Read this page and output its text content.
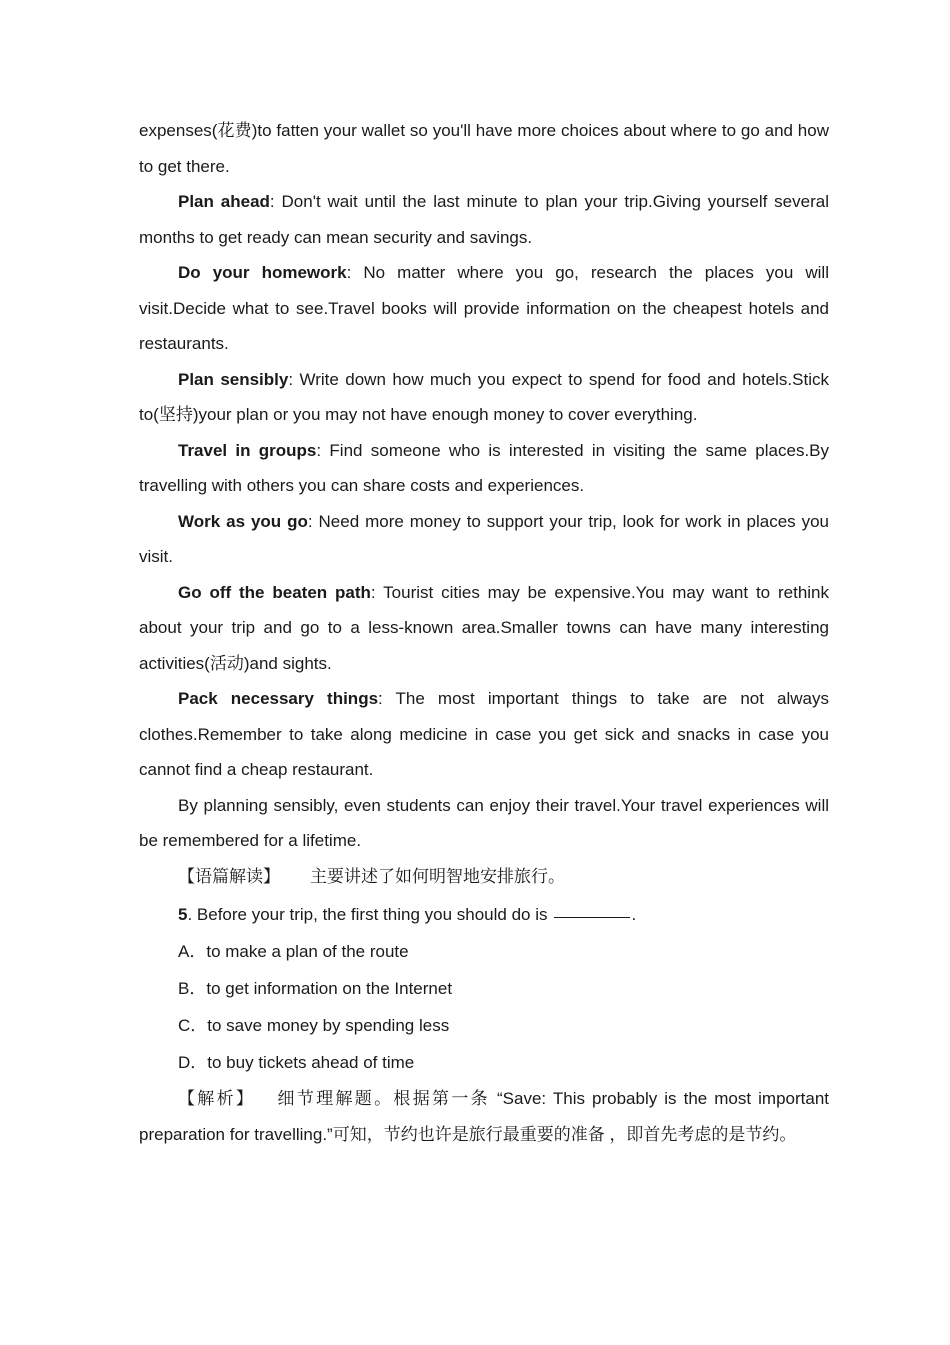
expenses(花费)to fatten your wallet so you'll have more choices about where to go and how to get there.

Plan ahead: Don't wait until the last minute to plan your trip.Giving yourself several months to get ready can mean security and savings.

Do your homework: No matter where you go, research the places you will visit.Decide what to see.Travel books will provide information on the cheapest hotels and restaurants.

Plan sensibly: Write down how much you expect to spend for food and hotels.Stick to(坚持)your plan or you may not have enough money to cover everything.

Travel in groups: Find someone who is interested in visiting the same places.By travelling with others you can share costs and experiences.

Work as you go: Need more money to support your trip, look for work in places you visit.

Go off the beaten path: Tourist cities may be expensive.You may want to rethink about your trip and go to a less-known area.Smaller towns can have many interesting activities(活动)and sights.

Pack necessary things: The most important things to take are not always clothes.Remember to take along medicine in case you get sick and snacks in case you cannot find a cheap restaurant.

By planning sensibly, even students can enjoy their travel.Your travel experiences will be remembered for a lifetime.

【语篇解读】 主要讲述了如何明智地安排旅行。

5. Before your trip, the first thing you should do is	.

A．to make a plan of the route

B．to get information on the Internet

C．to save money by spending less

D．to buy tickets ahead of time

【解析】 细节理解题。根据第一条 “Save: This probably is the most important preparation for travelling.”可知，节约也许是旅行最重要的准备 ，即首先考虑的是节约。
